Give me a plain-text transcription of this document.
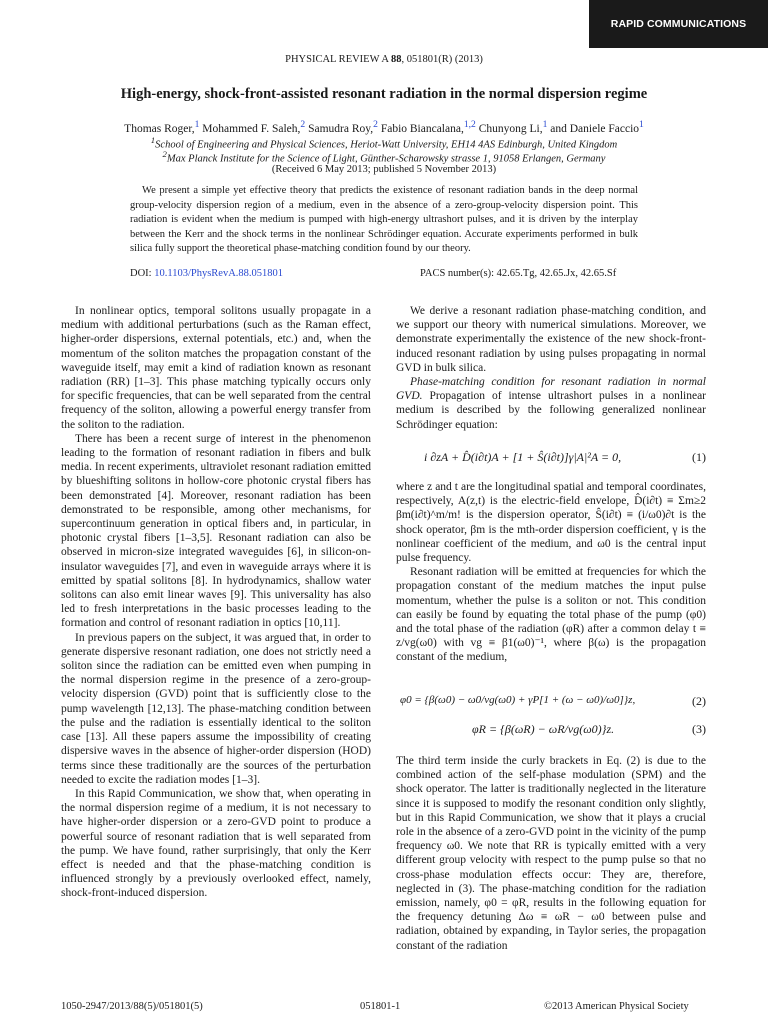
RAPID COMMUNICATIONS
PHYSICAL REVIEW A 88, 051801(R) (2013)
High-energy, shock-front-assisted resonant radiation in the normal dispersion regime
Thomas Roger,$^1$ Mohammed F. Saleh,$^2$ Samudra Roy,$^2$ Fabio Biancalana,$^{1,2}$ Chunyong Li,$^1$ and Daniele Faccio$^1$
$^1$School of Engineering and Physical Sciences, Heriot-Watt University, EH14 4AS Edinburgh, United Kingdom
$^2$Max Planck Institute for the Science of Light, Günther-Scharowsky strasse 1, 91058 Erlangen, Germany
(Received 6 May 2013; published 5 November 2013)
We present a simple yet effective theory that predicts the existence of resonant radiation bands in the deep normal group-velocity dispersion region of a medium, even in the absence of a zero-group-velocity dispersion point. This radiation is evident when the medium is pumped with high-energy ultrashort pulses, and it is driven by the interplay between the Kerr and the shock terms in the nonlinear Schrödinger equation. Accurate experiments performed in bulk silica fully support the theoretical phase-matching condition found by our theory.
DOI: 10.1103/PhysRevA.88.051801	PACS number(s): 42.65.Tg, 42.65.Jx, 42.65.Sf

In nonlinear optics, temporal solitons usually propagate in a medium with additional perturbations (such as the Raman effect, higher-order dispersions, external potentials, etc.) and, when the momentum of the soliton matches the propagation constant of the waveguide itself, may emit a kind of radiation known as resonant radiation (RR) [1–3]. This phase matching typically occurs only for specific frequencies, that can be well separated from the central frequency of the soliton, allowing a powerful energy transfer from the soliton to the radiation.

There has been a recent surge of interest in the phenomenon leading to the formation of resonant radiation in fibers and bulk media. In recent experiments, ultraviolet resonant radiation emitted by blueshifting solitons in hollow-core photonic crystal fibers has been demonstrated [4]. Moreover, resonant radiation has been demonstrated to be responsible, among other mechanisms, for supercontinuum generation in optical fibers and, in particular, in photonic crystal fibers [1–3,5]. Resonant radiation can also be observed in micron-size integrated waveguides [6], in silicon-on-insulator waveguides [7], and even in waveguide arrays where it is emitted by spatial solitons [8]. In hydrodynamics, shallow water solitons can also emit linear waves [9]. This universality has also led to fresh interpretations in the basic processes leading to the formation and control of resonant radiation in optics [10,11].

In previous papers on the subject, it was argued that, in order to generate dispersive resonant radiation, one does not strictly need a soliton since the radiation can be emitted even when pumping in the normal dispersion regime in the presence of a zero-group-velocity dispersion (GVD) point that is sufficiently close to the pump wavelength [12,13]. The phase-matching condition between the pulse and the radiation is essentially identical to the soliton case [13]. All these papers assume the impossibility of creating dispersive waves in the absence of higher-order dispersion (HOD) terms since these traditionally are the sources of the perturbation needed to excite the radiation modes [1–3].

In this Rapid Communication, we show that, when operating in the normal dispersion regime of a medium, it is not necessary to have higher-order dispersion or a zero-GVD point to produce a powerful source of resonant radiation that is well separated from the pump. We have found, rather surprisingly, that only the Kerr effect is needed and that the phase-matching condition is influenced strongly by a previously overlooked effect, namely, shock-front-induced dispersion.

We derive a resonant radiation phase-matching condition, and we support our theory with numerical simulations. Moreover, we demonstrate experimentally the existence of the new shock-front-induced resonant radiation by using pulses propagating in normal GVD in bulk silica.

Phase-matching condition for resonant radiation in normal GVD. Propagation of intense ultrashort pulses in a nonlinear medium is described by the following generalized nonlinear Schrödinger equation:

i ∂zA + D̂(i∂t)A + [1 + Ŝ(i∂t)]γ|A|²A = 0,	(1)

where z and t are the longitudinal spatial and temporal coordinates, respectively, A(z,t) is the electric-field envelope, D̂(i∂t) ≡ Σm≥2 βm(i∂t)^m/m! is the dispersion operator, Ŝ(i∂t) ≡ (i/ω0)∂t is the shock operator, βm is the mth-order dispersion coefficient, γ is the nonlinear coefficient of the medium, and ω0 is the central input pulse frequency.

Resonant radiation will be emitted at frequencies for which the propagation constant of the medium matches the input pulse momentum, whether the pulse is a soliton or not. This condition can easily be found by equating the total phase of the pump (φ0) and the total phase of the radiation (φR) after a common delay t ≡ z/vg(ω0) with vg ≡ β1(ω0)⁻¹, where β(ω) is the propagation constant of the medium,

φ0 = {β(ω0) − ω0/vg(ω0) + γP[1 + (ω − ω0)/ω0]}z,	(2)
φR = {β(ωR) − ωR/vg(ω0)}z.	(3)

The third term inside the curly brackets in Eq. (2) is due to the combined action of the self-phase modulation (SPM) and the shock operator. The latter is traditionally neglected in the literature since it is supposed to modify the resonant condition only slightly, but in this Rapid Communication, we show that it plays a crucial role in the absence of a zero-GVD point in the vicinity of the pump frequency ω0. We note that RR is typically emitted with a very different group velocity with respect to the pump pulse so that no cross-phase modulation effects occur: They are, therefore, neglected in (3). The phase-matching condition for the radiation emission, namely, φ0 = φR, results in the following equation for the frequency detuning Δω ≡ ωR − ω0 between pulse and radiation, obtained by expanding, in Taylor series, the propagation constant of the radiation

1050-2947/2013/88(5)/051801(5)	051801-1	©2013 American Physical Society
